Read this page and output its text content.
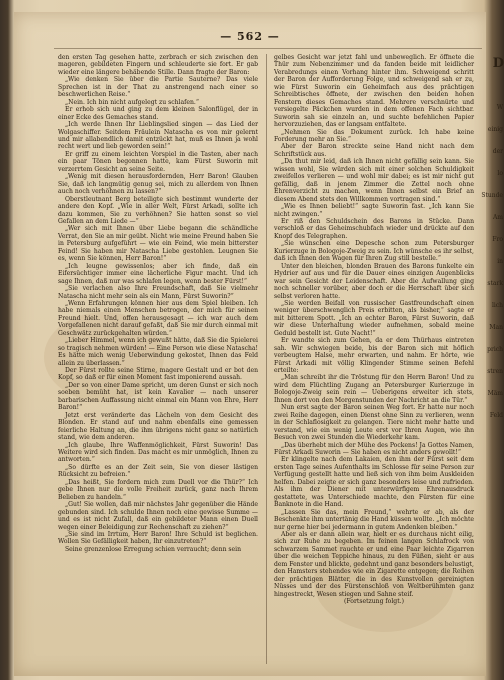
— 562 —

den ersten Tag gesehen hatte, zerbrach er sich zwischen den mageren, gebildeten Fingern und schleuderte sie fort. Er gab wieder eine längere behäbende Stille. Dann fragte der Baron:

„Wie denken Sie über die Partie Sauterne? Das viele Sprechen ist in der That zu anstrengend nach einer so beschwerlichen Reise.“

„Nein. Ich bin nicht aufgelegt zu schlafen.“

Er erhob sich und ging zu dem kleinen Salonflügel, der in einer Ecke des Gemaches stand.

„Ich werde Ihnen Ihr Lieblingslied singen — das Lied der Wolgaschiffer. Seitdem Fräulein Natascha es von mir gelernt und mir allabendlich damit entzückt hat, muß es Ihnen ja wohl recht wert und lieb geworden sein!“

Er griff zu einem leichten Vorspiel in die Tasten, aber nach ein paar Tönen begonnen hatte, kam Fürst Suworin mit verzerrtem Gesicht an seine Seite.

„Wenig mit diesen herausfordernden, Herr Baron! Glauben Sie, daß ich langmütig genug sei, mich zu allerdem von Ihnen auch noch verhöhnen zu lassen?“

Oberstleutnant Berg beteiligte sich bestimmt wunderte der andere den Kopf. „Wie in aller Welt, Fürst Arkadi, sollte ich dazu kommen, Sie zu verhöhnen? Sie hatten sonst so viel Gefallen an dem Liede —“

„Wer sich mit Ihnen über Liebe begann die schändliche Verrat, den Sie an mir geübt. Nicht wie meine Freund haben Sie in Petersburg aufgeführt — wie ein Feind, wie mein bitterster Feind! Sie haben mir Natascha Liebe gestohlen. Leugnen Sie es, wenn Sie können, Herr Baron!“

„Ich leugne gewissenlos; aber ich finde, daß ein Eifersüchtiger immer eine lächerliche Figur macht. Und ich sage Ihnen, daß nur was schlafen legen, wenn bester Fürst!“

„Sie verlachen also Ihre Freundschaft, daß Sie vielmehr Natascha nicht mehr sein als ein Mann, Fürst Suworin?“

„Wenn Erfahrungen können hier aus dem Spiel bleiben. Ich habe niemals einen Menschen betrogen, der mich für seinen Freund hielt. Und, offen herausgesagt — ich war auch dem Vorgefallenen nicht darauf gefaßt, daß Sie mir durch einmal mit Geschwätz zurückgehalten würden.“

„Lieber Himmel, wenn ich gewußt hätte, daß Sie die Spielerei so tragisch nehmen würden! — Eine Person wie diese Natascha! Es hätte mich wenig Ueberwindung gekostet, Ihnen das Feld allein zu überlassen.“

Der Fürst rollte seine Stirne, magere Gestalt und er bot den Kopf, so daß er für einen Moment fast imponierend aussah.

„Der so von einer Dame spricht, um deren Gunst er sich noch soeben bemüht hat, ist kein Kavalier — nach unserer barbarischen Auffassung nicht einmal ein Mann von Ehre, Herr Baron!“

Jetzt erst veränderte das Lächeln von dem Gesicht des Blonden. Er stand auf und nahm ebenfalls eine gemessen feierliche Haltung an, die ihm übrigens nicht ganz so natürlich stand, wie dem anderen.

„Ich glaube, Ihre Waffenmöglichkeit, Fürst Suworin! Das Weitere wird sich finden. Das macht es mir unmöglich, Ihnen zu antworten.“

„So dürfte es an der Zeit sein, Sie von dieser lästigen Rücksicht zu befreien.“

„Das heißt, Sie fordern mich zum Duell vor die Thür?“ Ich gebe Ihnen nur die volle Freiheit zurück, ganz nach Ihrem Belieben zu handeln.“

„Gut! Sie wollen, daß mir nächstes Jahr gegenüber die Hände gebunden sind. Ich schulde Ihnen noch eine gewisse Summe — und es ist nicht Zufall, daß ein gebildeter Mann einen Duell wegen einer Beleidigung zur Rechenschaft zu ziehen?“

„Sie sind im Irrtum, Herr Baron! Ihre Schuld ist beglichen. Wollen Sie Gefälligkeit haben, Ihr einzutreten?“

Seine grenzenlose Erregung schien verraucht; denn sein

gelbes Gesicht war jetzt fahl und unbeweglich. Er öffnete die Thür zum Nebenzimmer und da fanden beide mit leidlicher Verabredungs einen Vorhang hinter ihm. Schweigend schritt der Baron der Aufforderung Folge, und schweigend sah er zu, wie Fürst Suworin ein Geheimfach aus des prächtigen Schreibtisches öffnete, der zwischen den beiden hohen Fenstern dieses Gemaches stand. Mehrere verschnürte und versiegelte Päckchen wurden in dem offenen Fach sichtbar. Suworin sah sie einzeln an, und suchte befehlichen Papier hervorzuziehen, das er langsam entfaltete.

„Nehmen Sie das Dokument zurück. Ich habe keine Forderung mehr an Sie.“

Aber der Baron streckte seine Hand nicht nach dem Schriftstück aus.

„Da thut mir leid, daß ich Ihnen nicht gefällig sein kann. Sie wissen wohl, Sie würden sich mit einer solchen Schuldigkeit zweifellos verlieren — und wohl mir dabei; es ist mir nicht gut gefällig, daß in jenem Zimmer die Zettel noch ohne Ehrenverzicht zu machen, wenn Ihnen selbst ein Brief an diesem Abend stets den Willkommen vortragen sind.“

„Wie es Ihnen beliebt!“ sagte Suworin fast. „Ich kann Sie nicht zwingen.“

Er riß den Schuldschein des Barons in Stücke. Dann verschloß er das Geheimschubfach wieder und drückte auf den Knopf des Telegraphen.

„Sie wünschen eine Depesche schon zum Petersburger Kurierzuge in Bologoje-Zweig zu sein. Ich wünsche es ihr selbst, daß ich Ihnen den Wagen für Ihren Zug still bestelle.“

Unter den bleichen, blonden Brauen des Barons funkelte ein Hydrier auf aus und für die Dauer eines einzigen Augenblicks war sein Gesicht der Leidenschaft. Aber die Aufwallung ging noch schneller vorüber, aber doch er die Herrschaft über sich selbst verloren hatte.

„Sie werden Beifall von russischer Gastfreundschaft einen weniger überschwenglich Preis erbitten, als bisher,“ sagte er mit bitterem Spott. „Ich an echter Baron, Fürst Suworin, daß wir diese Unterhaltung wieder aufnehmen, sobald meine Geduld bestellt ist. Gute Nacht!“

Er wandte sich zum Gehen, da er dem Thürhaus eintreten sah. Wir schwiegen beide, bis der Baron sich mit höflich verbeugtem Halse, mehr erwarten, und nahm. Er hörte, wie Fürst Arkadi mit völlig Klingender Stimme seinen Befehl erteilte:

„Man schreibt ihr die Tröstung für den Herrn Baron! Und zu wird dem Flüchtling Zugang an Petersburger Kurierzuge in Bologoje-Zweig sein rein — Ueberigens erweiter ich stets, Ihnen dort von den Morgenstunden der Nachricht an die Tür.“

Nun erst sagte der Baron seinen Weg fort. Er hatte nur noch zwei Reihe dagegen, einen Dienst ohne Sinn zu verlieren, wenn in der Schlaflosigkeit zu gelangen. Tiere nicht mehr hatte und verstand, wie ein wenig Leute erst vor Ihren Augen, wie ihn Besuch von zwei Stunden die Wiederkehr kam.

„Das überhebt mich der Mühe des Pockens! Ja Gottes Namen, Fürst Arkadi Suworin — Sie haben es nicht anders gewollt!“

Er klingelte nach dem Lakaien, den ihm der Fürst seit dem ersten Tage seines Aufenthalts im Schlosse für seine Person zur Verfügung gestellt hatte und ließ sich von ihm beim Auskleiden helfen. Dabei zeigte er sich ganz besonders leise und zufrieden. Als ihm der Diener mit unterwürfigem Ehrenausdruck gestattete, was Unterschiede machte, den Fürsten für eine Banknote in die Hand.

„Lassen Sie das, mein Freund,“ wehrte er ab, als der Beschenkte ihm untertänig die Hand küssen wollte. „Ich möchte nur gerne hier bei jedermann in gutem Andenken bleiben.“

Aber als er dann allein war, hielt er es durchaus nicht eilig, sich zur Ruhe zu begeben. Im feinen langen Schlafrock von schwarzem Sammet rauchte er und eine Paar leichte Zigarren über die weichen Teppiche hinaus, zu den Füßen, sieht er aus dem Fenster und blickte, gedehnt und ganz besonders belustigt, den Hamsters stehendes wie ein Zigarette entgegen; die Reihen der prächtigen Blätter, die in des Kunstvollen gereinigten Nüsses und der des Fürstenschloß von Weltberühmten ganz hingestreckt, Wesen stiegen und Sahne steif.

(Fortsetzung folgt.)

D
W
einig
der
lo
Stunde
Am
Fro
in
stark
lich
Man
prich
stren
Mäm
Feld
